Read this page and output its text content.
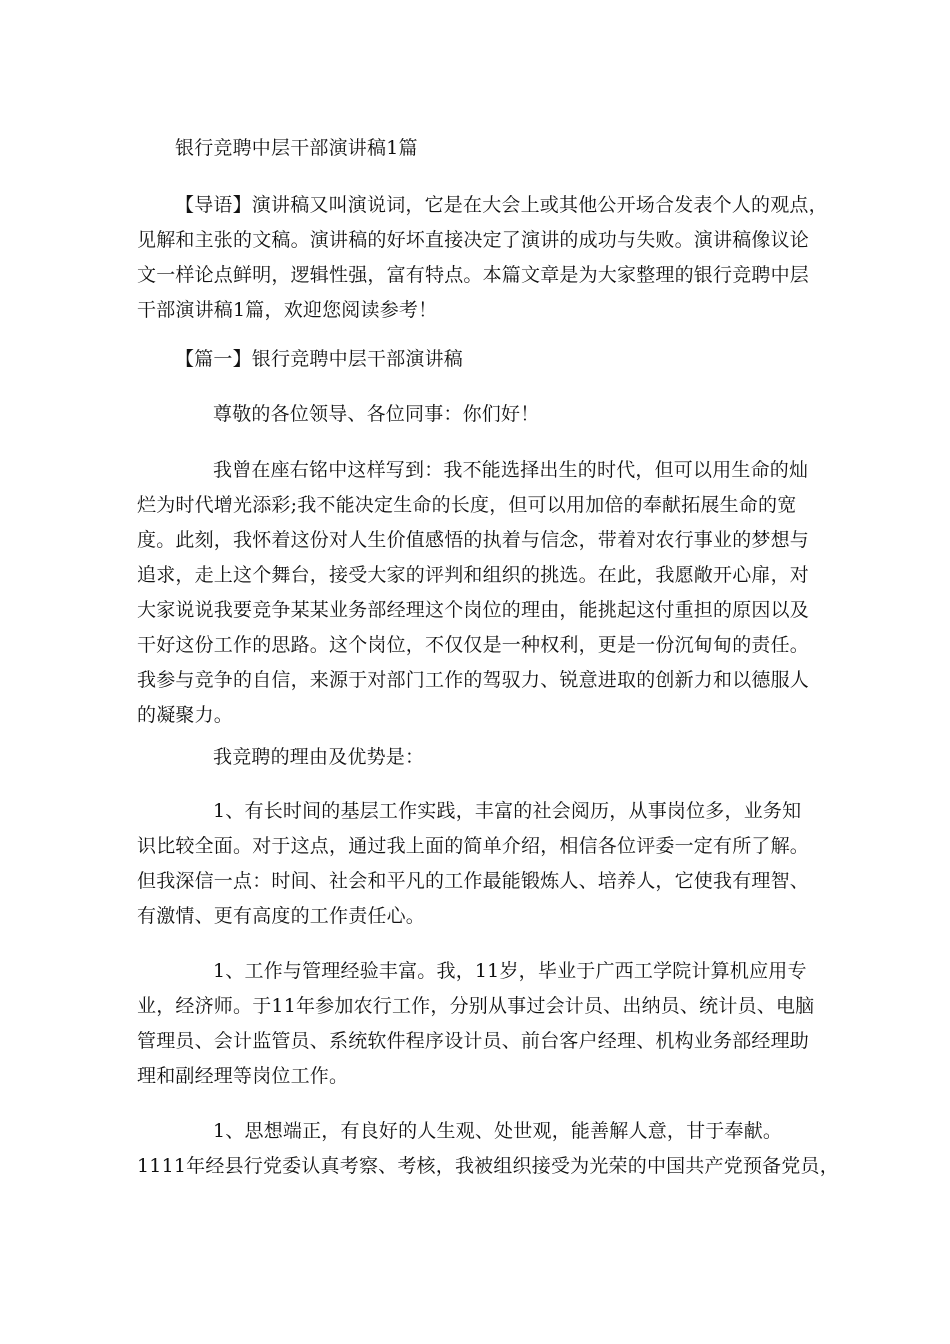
银行竞聘中层干部演讲稿1篇
【导语】演讲稿又叫演说词，它是在大会上或其他公开场合发表个人的观点，
见解和主张的文稿。演讲稿的好坏直接决定了演讲的成功与失败。演讲稿像议论
文一样论点鲜明，逻辑性强，富有特点。本篇文章是为大家整理的银行竞聘中层
干部演讲稿1篇，欢迎您阅读参考！
【篇一】银行竞聘中层干部演讲稿
尊敬的各位领导、各位同事：你们好！
我曾在座右铭中这样写到：我不能选择出生的时代，但可以用生命的灿
烂为时代增光添彩;我不能决定生命的长度，但可以用加倍的奉献拓展生命的宽
度。此刻，我怀着这份对人生价值感悟的执着与信念，带着对农行事业的梦想与
追求，走上这个舞台，接受大家的评判和组织的挑选。在此，我愿敞开心扉，对
大家说说我要竞争某某业务部经理这个岗位的理由，能挑起这付重担的原因以及
干好这份工作的思路。这个岗位，不仅仅是一种权利，更是一份沉甸甸的责任。
我参与竞争的自信，来源于对部门工作的驾驭力、锐意进取的创新力和以德服人
的凝聚力。
我竞聘的理由及优势是：
1、有长时间的基层工作实践，丰富的社会阅历，从事岗位多，业务知
识比较全面。对于这点，通过我上面的简单介绍，相信各位评委一定有所了解。
但我深信一点：时间、社会和平凡的工作最能锻炼人、培养人，它使我有理智、
有激情、更有高度的工作责任心。
1、工作与管理经验丰富。我，11岁，毕业于广西工学院计算机应用专
业，经济师。于11年参加农行工作，分别从事过会计员、出纳员、统计员、电脑
管理员、会计监管员、系统软件程序设计员、前台客户经理、机构业务部经理助
理和副经理等岗位工作。
1、思想端正，有良好的人生观、处世观，能善解人意，甘于奉献。
1111年经县行党委认真考察、考核，我被组织接受为光荣的中国共产党预备党员，
